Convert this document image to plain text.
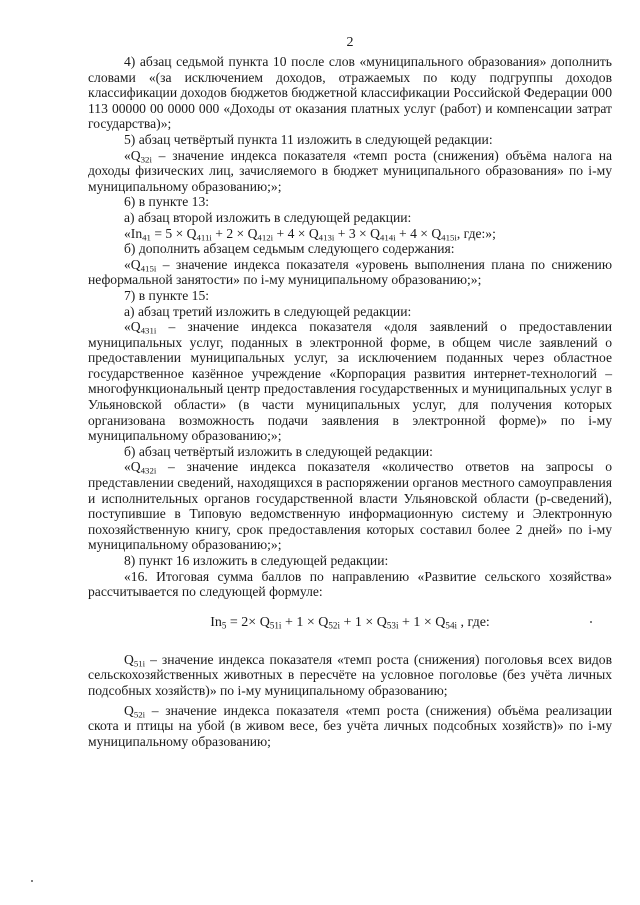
2

4) абзац седьмой пункта 10 после слов «муниципального образования» дополнить словами «(за исключением доходов, отражаемых по коду подгруппы доходов классификации доходов бюджетов бюджетной классификации Российской Федерации 000 113 00000 00 0000 000 «Доходы от оказания платных услуг (работ) и компенсации затрат государства)»;

5) абзац четвёртый пункта 11 изложить в следующей редакции:

«$Q_{32i}$ – значение индекса показателя «темп роста (снижения) объёма налога на доходы физических лиц, зачисляемого в бюджет муниципального образования» по i-му муниципальному образованию;»;

6) в пункте 13:

а) абзац второй изложить в следующей редакции:

«$In_{41} = 5 \times Q_{411i} + 2 \times Q_{412i} + 4 \times Q_{413i} + 3 \times Q_{414i} + 4 \times Q_{415i}$, где:»;

б) дополнить абзацем седьмым следующего содержания:

«$Q_{415i}$ – значение индекса показателя «уровень выполнения плана по снижению неформальной занятости» по i-му муниципальному образованию;»;

7) в пункте 15:

а) абзац третий изложить в следующей редакции:

«$Q_{431i}$ – значение индекса показателя «доля заявлений о предоставлении муниципальных услуг, поданных в электронной форме, в общем числе заявлений о предоставлении муниципальных услуг, за исключением поданных через областное государственное казённое учреждение «Корпорация развития интернет-технологий – многофункциональный центр предоставления государственных и муниципальных услуг в Ульяновской области» (в части муниципальных услуг, для получения которых организована возможность подачи заявления в электронной форме)» по i-му муниципальному образованию;»;

б) абзац четвёртый изложить в следующей редакции:

«$Q_{432i}$ – значение индекса показателя «количество ответов на запросы о представлении сведений, находящихся в распоряжении органов местного самоуправления и исполнительных органов государственной власти Ульяновской области (р-сведений), поступившие в Типовую ведомственную информационную систему и Электронную похозяйственную книгу, срок предоставления которых составил более 2 дней» по i-му муниципальному образованию;»;

8) пункт 16 изложить в следующей редакции:

«16. Итоговая сумма баллов по направлению «Развитие сельского хозяйства» рассчитывается по следующей формуле:

$In_5 = 2\times Q_{51i} + 1 \times Q_{52i} + 1 \times Q_{53i} + 1 \times Q_{54i}$ , где:

$Q_{51i}$ – значение индекса показателя «темп роста (снижения) поголовья всех видов сельскохозяйственных животных в пересчёте на условное поголовье (без учёта личных подсобных хозяйств)» по i-му муниципальному образованию;

$Q_{52i}$ – значение индекса показателя «темп роста (снижения) объёма реализации скота и птицы на убой (в живом весе, без учёта личных подсобных хозяйств)» по i-му муниципальному образованию;
